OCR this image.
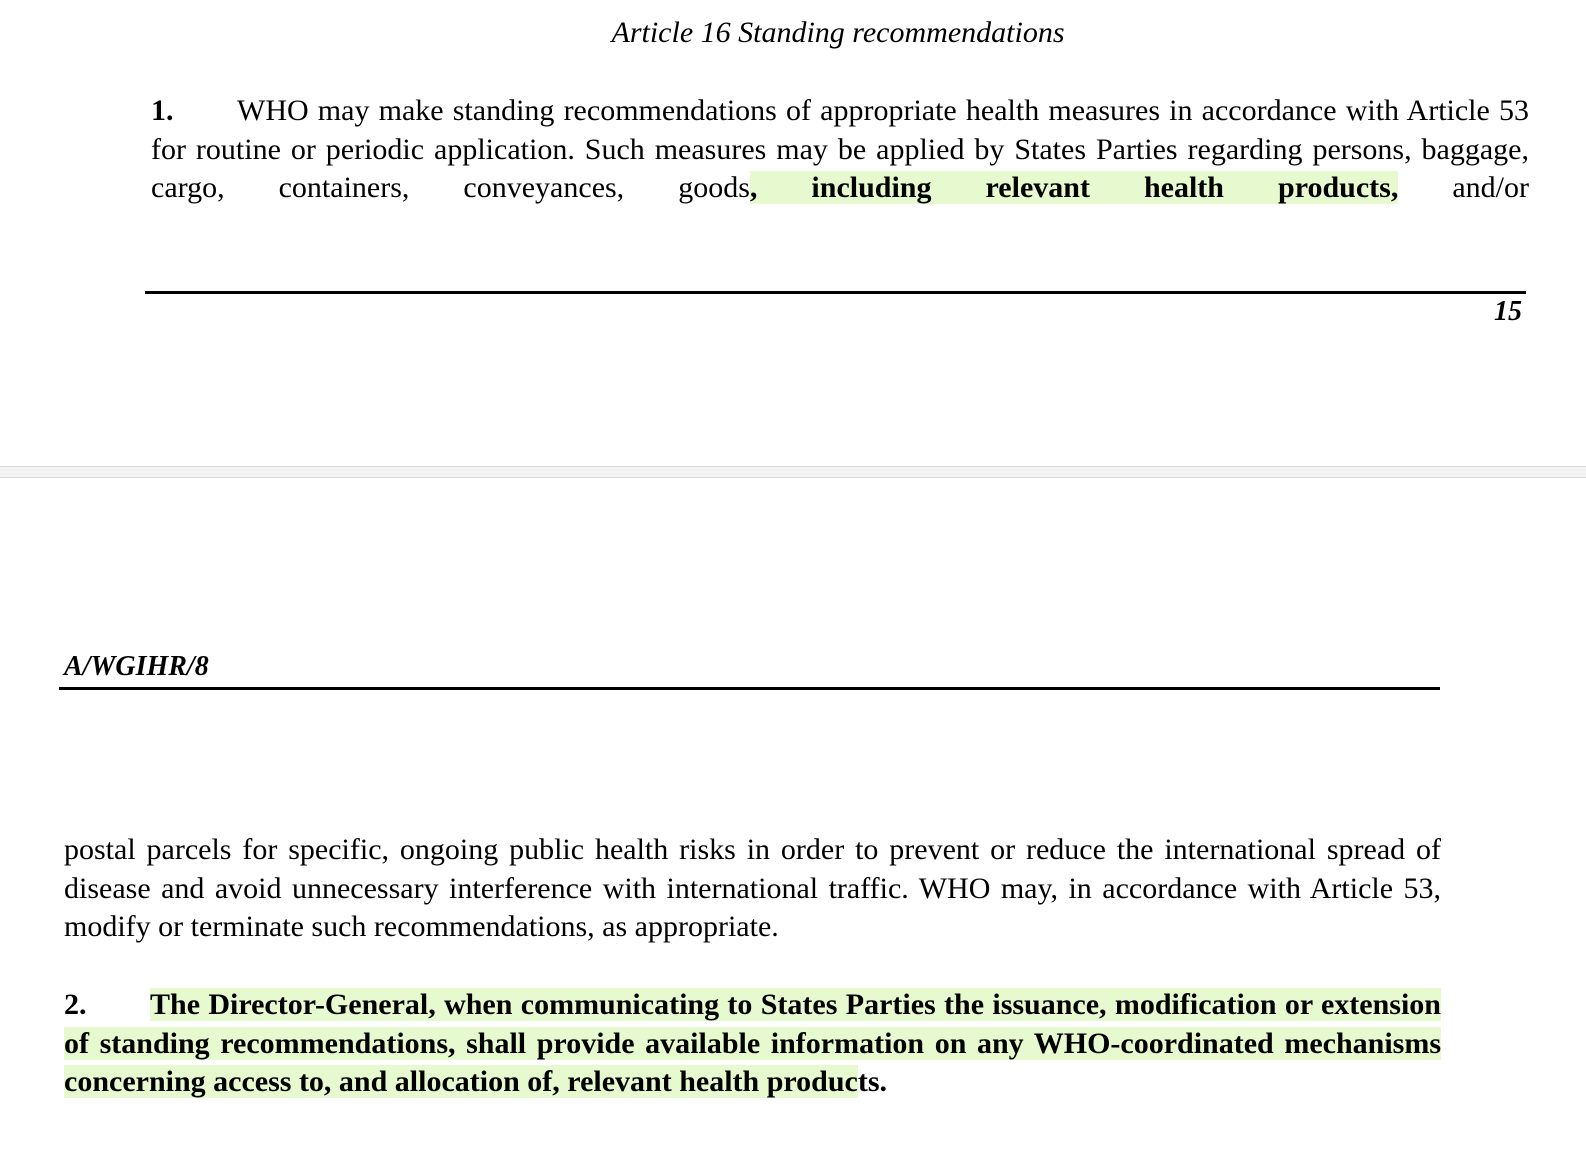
Article 16 Standing recommendations
1. WHO may make standing recommendations of appropriate health measures in accordance with Article 53 for routine or periodic application. Such measures may be applied by States Parties regarding persons, baggage, cargo, containers, conveyances, goods, including relevant health products, and/or
15
A/WGIHR/8
postal parcels for specific, ongoing public health risks in order to prevent or reduce the international spread of disease and avoid unnecessary interference with international traffic. WHO may, in accordance with Article 53, modify or terminate such recommendations, as appropriate.
2. The Director-General, when communicating to States Parties the issuance, modification or extension of standing recommendations, shall provide available information on any WHO-coordinated mechanisms concerning access to, and allocation of, relevant health products.
